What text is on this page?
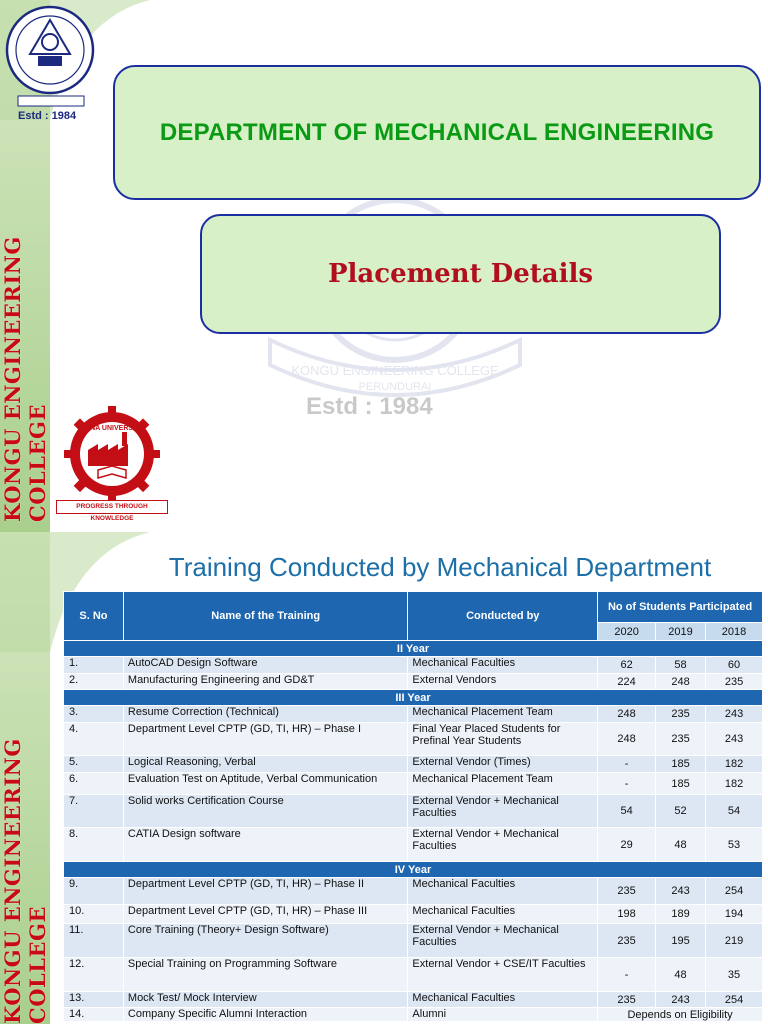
KONGU ENGINEERING COLLEGE
Estd : 1984
KONGU ENGINEERING COLLEGE
PERUNDURAI
Estd : 1984
DEPARTMENT OF MECHANICAL ENGINEERING
Placement Details
ANNA UNIVERSITY
PROGRESS THROUGH KNOWLEDGE
KONGU ENGINEERING COLLEGE
Training Conducted by Mechanical Department
S. No	Name of the Training	Conducted by	No of Students Participated		
			2020	2019	2018
II Year					
1.	AutoCAD Design Software	Mechanical Faculties	62	58	60
2.	Manufacturing Engineering and GD&T	External Vendors	224	248	235
III Year					
3.	Resume Correction (Technical)	Mechanical Placement Team	248	235	243
4.	Department Level CPTP (GD, TI, HR) – Phase I	Final Year Placed Students for Prefinal Year Students	248	235	243
5.	Logical Reasoning, Verbal	External Vendor (Times)	-	185	182
6.	Evaluation Test on Aptitude, Verbal Communication	Mechanical Placement Team	-	185	182
7.	Solid works Certification Course	External Vendor + Mechanical Faculties	54	52	54
8.	CATIA Design software	External Vendor + Mechanical Faculties	29	48	53
IV Year					
9.	Department Level CPTP (GD, TI, HR) – Phase II	Mechanical Faculties	235	243	254
10.	Department Level CPTP (GD, TI, HR) – Phase III	Mechanical Faculties	198	189	194
11.	Core Training (Theory+ Design Software)	External Vendor + Mechanical Faculties	235	195	219
12.	Special Training on Programming Software	External Vendor + CSE/IT Faculties	-	48	35
13.	Mock Test/ Mock Interview	Mechanical Faculties	235	243	254
14.	Company Specific Alumni Interaction	Alumni	Depends on Eligibility		
